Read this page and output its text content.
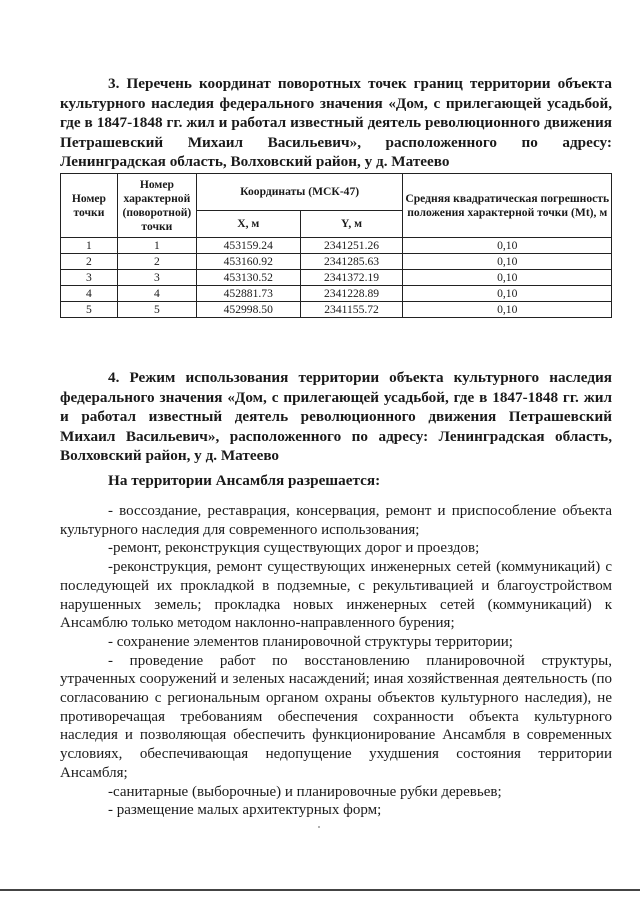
3. Перечень координат поворотных точек границ территории объекта культурного наследия федерального значения «Дом, с прилегающей усадьбой, где в 1847-1848 гг. жил и работал известный деятель революционного движения Петрашевский Михаил Васильевич», расположенного по адресу: Ленинградская область, Волховский район, у д. Матеево
Номер точки	Номер характерной (поворотной) точки	Координаты (МСК-47)		Средняя квадратическая погрешность положения характерной точки (Mt), м
		X, м	Y, м	
1	1	453159.24	2341251.26	0,10
2	2	453160.92	2341285.63	0,10
3	3	453130.52	2341372.19	0,10
4	4	452881.73	2341228.89	0,10
5	5	452998.50	2341155.72	0,10
4. Режим использования территории объекта культурного наследия федерального значения «Дом, с прилегающей усадьбой, где в 1847-1848 гг. жил и работал известный деятель революционного движения Петрашевский Михаил Васильевич», расположенного по адресу: Ленинградская область, Волховский район, у д. Матеево
На территории Ансамбля разрешается:

- воссоздание, реставрация, консервация, ремонт и приспособление объекта культурного наследия для современного использования;

-ремонт, реконструкция существующих дорог и проездов;

-реконструкция, ремонт существующих инженерных сетей (коммуникаций) с последующей их прокладкой в подземные, с рекультивацией и благоустройством нарушенных земель; прокладка новых инженерных сетей (коммуникаций) к Ансамблю только методом наклонно-направленного бурения;

- сохранение элементов планировочной структуры территории;

- проведение работ по восстановлению планировочной структуры, утраченных сооружений и зеленых насаждений; иная хозяйственная деятельность (по согласованию с региональным органом охраны объектов культурного наследия), не противоречащая требованиям обеспечения сохранности объекта культурного наследия и позволяющая обеспечить функционирование Ансамбля в современных условиях, обеспечивающая недопущение ухудшения состояния территории Ансамбля;

-санитарные (выборочные) и планировочные рубки деревьев;

- размещение малых архитектурных форм;
